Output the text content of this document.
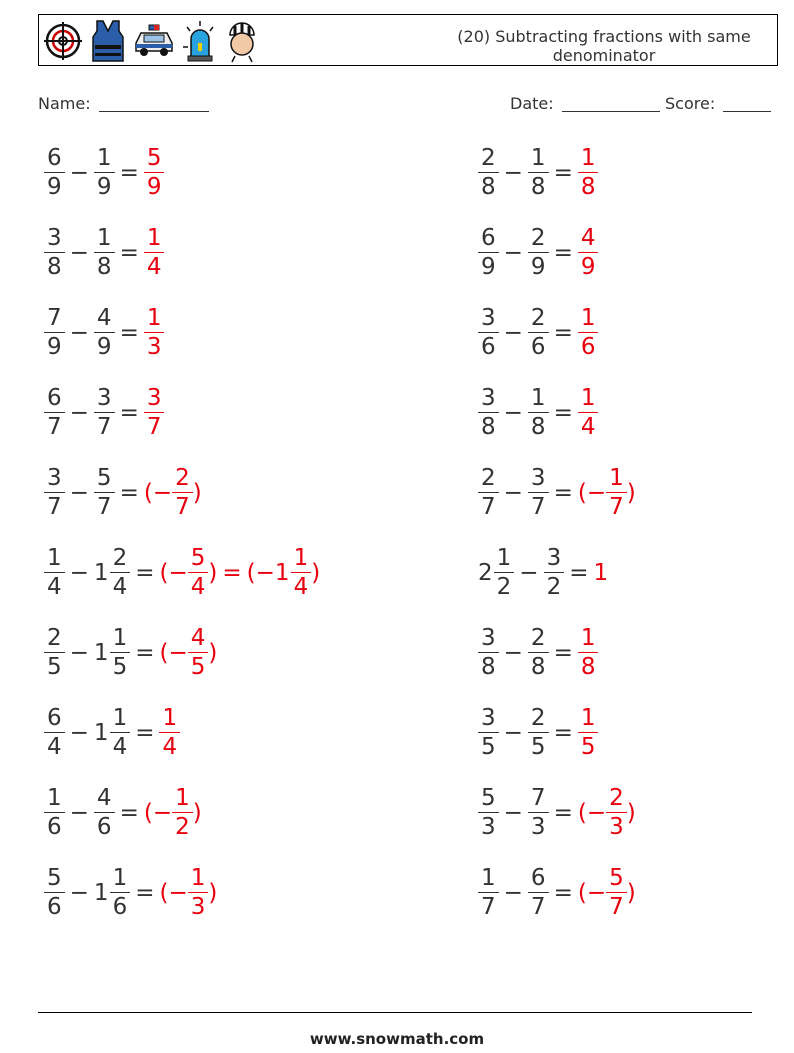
(20) Subtracting fractions with same denominator
Name:	Date:	Score:
$\frac{6}{9} - \frac{1}{9} = \frac{5}{9}$
$\frac{3}{8} - \frac{1}{8} = \frac{1}{4}$
$\frac{7}{9} - \frac{4}{9} = \frac{1}{3}$
$\frac{6}{7} - \frac{3}{7} = \frac{3}{7}$
$\frac{3}{7} - \frac{5}{7}$ = ( − $\frac{2}{7}$ )
$\frac{1}{4} - 1 \frac{2}{4}$ = ( − $\frac{5}{4}$ ) = ( − $1 \frac{1}{4}$ )
$\frac{2}{5} - 1 \frac{1}{5}$ = ( − $\frac{4}{5}$ )
$\frac{6}{4} - 1 \frac{1}{4} = \frac{1}{4}$
$\frac{1}{6} - \frac{4}{6}$ = ( − $\frac{1}{2}$ )
$\frac{5}{6} - 1 \frac{1}{6}$ = ( − $\frac{1}{3}$ )
$\frac{2}{8} - \frac{1}{8} = \frac{1}{8}$
$\frac{6}{9} - \frac{2}{9} = \frac{4}{9}$
$\frac{3}{6} - \frac{2}{6} = \frac{1}{6}$
$\frac{3}{8} - \frac{1}{8} = \frac{1}{4}$
$\frac{2}{7} - \frac{3}{7}$ = ( − $\frac{1}{7}$ )
$2 \frac{1}{2} - \frac{3}{2} = 1$
$\frac{3}{8} - \frac{2}{8} = \frac{1}{8}$
$\frac{3}{5} - \frac{2}{5} = \frac{1}{5}$
$\frac{5}{3} - \frac{7}{3}$ = ( − $\frac{2}{3}$ )
$\frac{1}{7} - \frac{6}{7}$ = ( − $\frac{5}{7}$ )
www.snowmath.com
